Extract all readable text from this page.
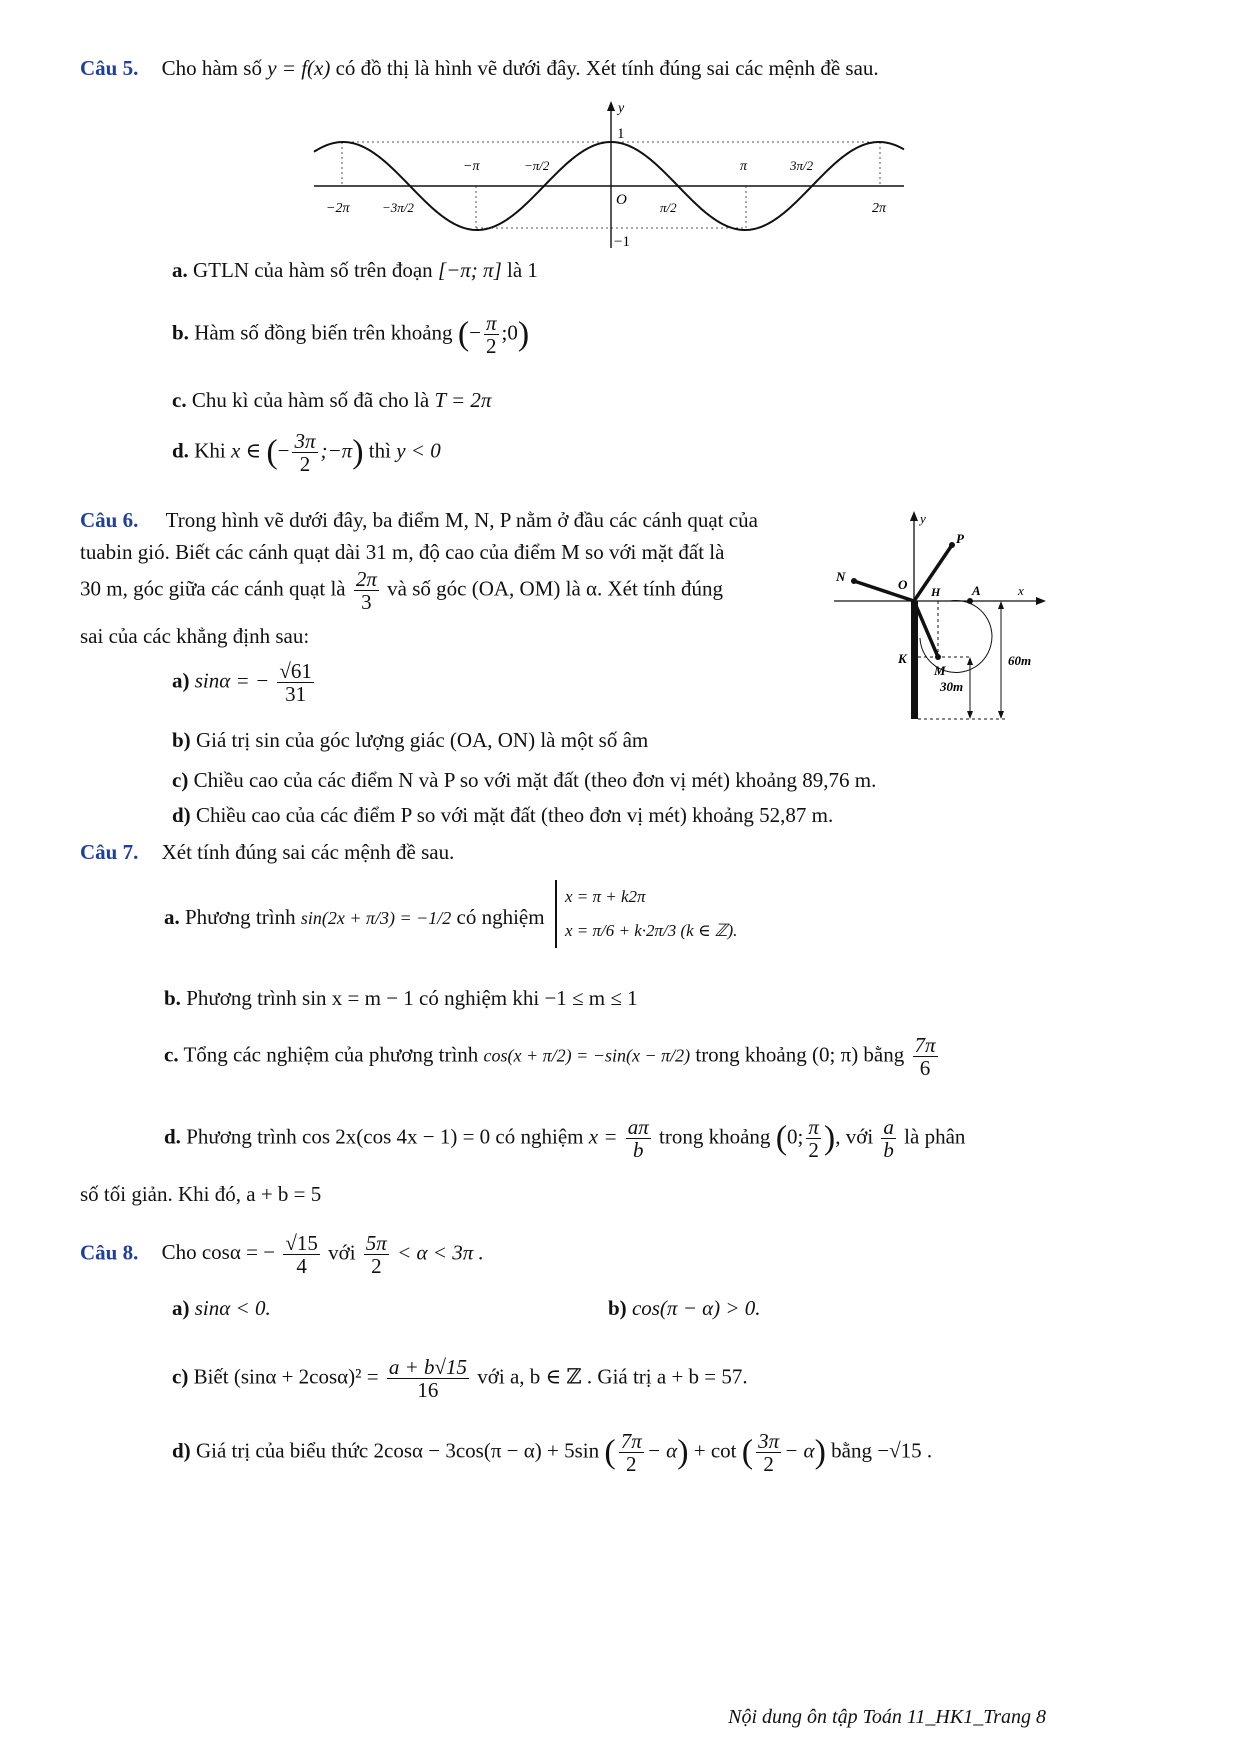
Câu 5. Cho hàm số y = f(x) có đồ thị là hình vẽ dưới đây. Xét tính đúng sai các mệnh đề sau.
y
1
−1
O
−π	−π/2	π	3π/2
−2π	−3π/2	π/2	2π
a. GTLN của hàm số trên đoạn [−π; π] là 1
b. Hàm số đồng biến trên khoảng (− $\frac{\pi}{2}$ ;0)
c. Chu kì của hàm số đã cho là T = 2π
d. Khi x ∈ (− $\frac{3\pi}{2}$ ;−π) thì y < 0
Câu 6. Trong hình vẽ dưới đây, ba điểm M, N, P nằm ở đầu các cánh quạt của
tuabin gió. Biết các cánh quạt dài 31 m, độ cao của điểm M so với mặt đất là
30 m, góc giữa các cánh quạt là $\frac{2\pi}{3}$ và số góc (OA, OM) là α. Xét tính đúng
sai của các khẳng định sau:
a) sinα = − $\frac{√61}{31}$
b) Giá trị sin của góc lượng giác (OA, ON) là một số âm
c) Chiều cao của các điểm N và P so với mặt đất (theo đơn vị mét) khoảng 89,76 m.
d) Chiều cao của các điểm P so với mặt đất (theo đơn vị mét) khoảng 52,87 m.
y
x
P
N
O H A
K
M
60m
30m
Câu 7. Xét tính đúng sai các mệnh đề sau.
a. Phương trình sin(2x + π/3) = −1/2 có nghiệm
x = π + k2π
x = π/6 + k·2π/3 (k ∈ ℤ).
b. Phương trình sin x = m − 1 có nghiệm khi −1 ≤ m ≤ 1
c. Tổng các nghiệm của phương trình cos(x + π/2) = −sin(x − π/2) trong khoảng (0; π) bằng $\frac{7\pi}{6}$
d. Phương trình cos 2x(cos 4x − 1) = 0 có nghiệm $x = \frac{a\pi}{b}$ trong khoảng (0; $\frac{\pi}{2}$ ), với $\frac{a}{b}$ là phân
số tối giản. Khi đó, a + b = 5
Câu 8. Cho cosα = − $\frac{√15}{4}$ với $\frac{5\pi}{2} < \alpha < 3\pi$ .
a) sinα < 0.	b) cos(π − α) > 0.
c) Biết $(\sin\alpha + 2\cos\alpha)^2 = \frac{a + b√15}{16}$ với a, b ∈ ℤ . Giá trị a + b = 57.
d) Giá trị của biểu thức 2cosα − 3cos(π − α) + 5sin ( $\frac{7\pi}{2} - \alpha) + \cot$ ( $\frac{3\pi}{2} - \alpha$) bằng −√15 .
Nội dung ôn tập Toán 11_HK1_Trang 8
